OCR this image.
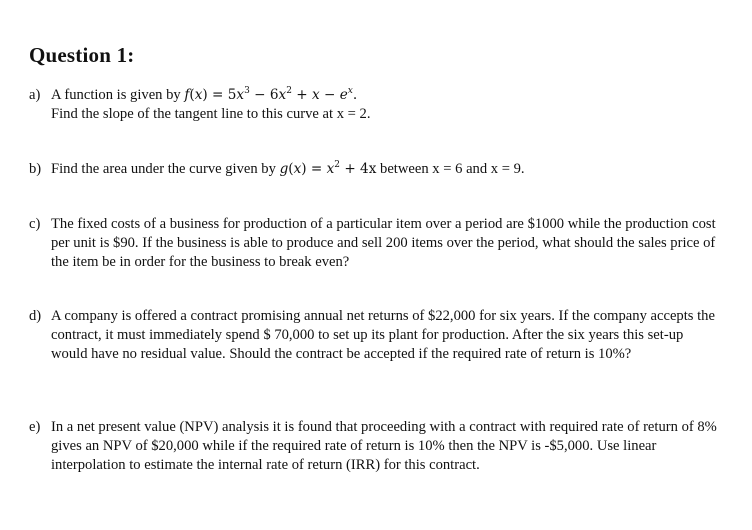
Question 1:
a) A function is given by $f(x) = 5x^3 - 6x^2 + x - e^x$.
Find the slope of the tangent line to this curve at x = 2.
b) Find the area under the curve given by $g(x) = x^2 + 4x$ between x = 6 and x = 9.
c) The fixed costs of a business for production of a particular item over a period are $1000 while the production cost per unit is $90. If the business is able to produce and sell 200 items over the period, what should the sales price of the item be in order for the business to break even?
d) A company is offered a contract promising annual net returns of $22,000 for six years. If the company accepts the contract, it must immediately spend $ 70,000 to set up its plant for production. After the six years this set-up would have no residual value. Should the contract be accepted if the required rate of return is 10%?
e) In a net present value (NPV) analysis it is found that proceeding with a contract with required rate of return of 8% gives an NPV of $20,000 while if the required rate of return is 10% then the NPV is -$5,000. Use linear interpolation to estimate the internal rate of return (IRR) for this contract.
